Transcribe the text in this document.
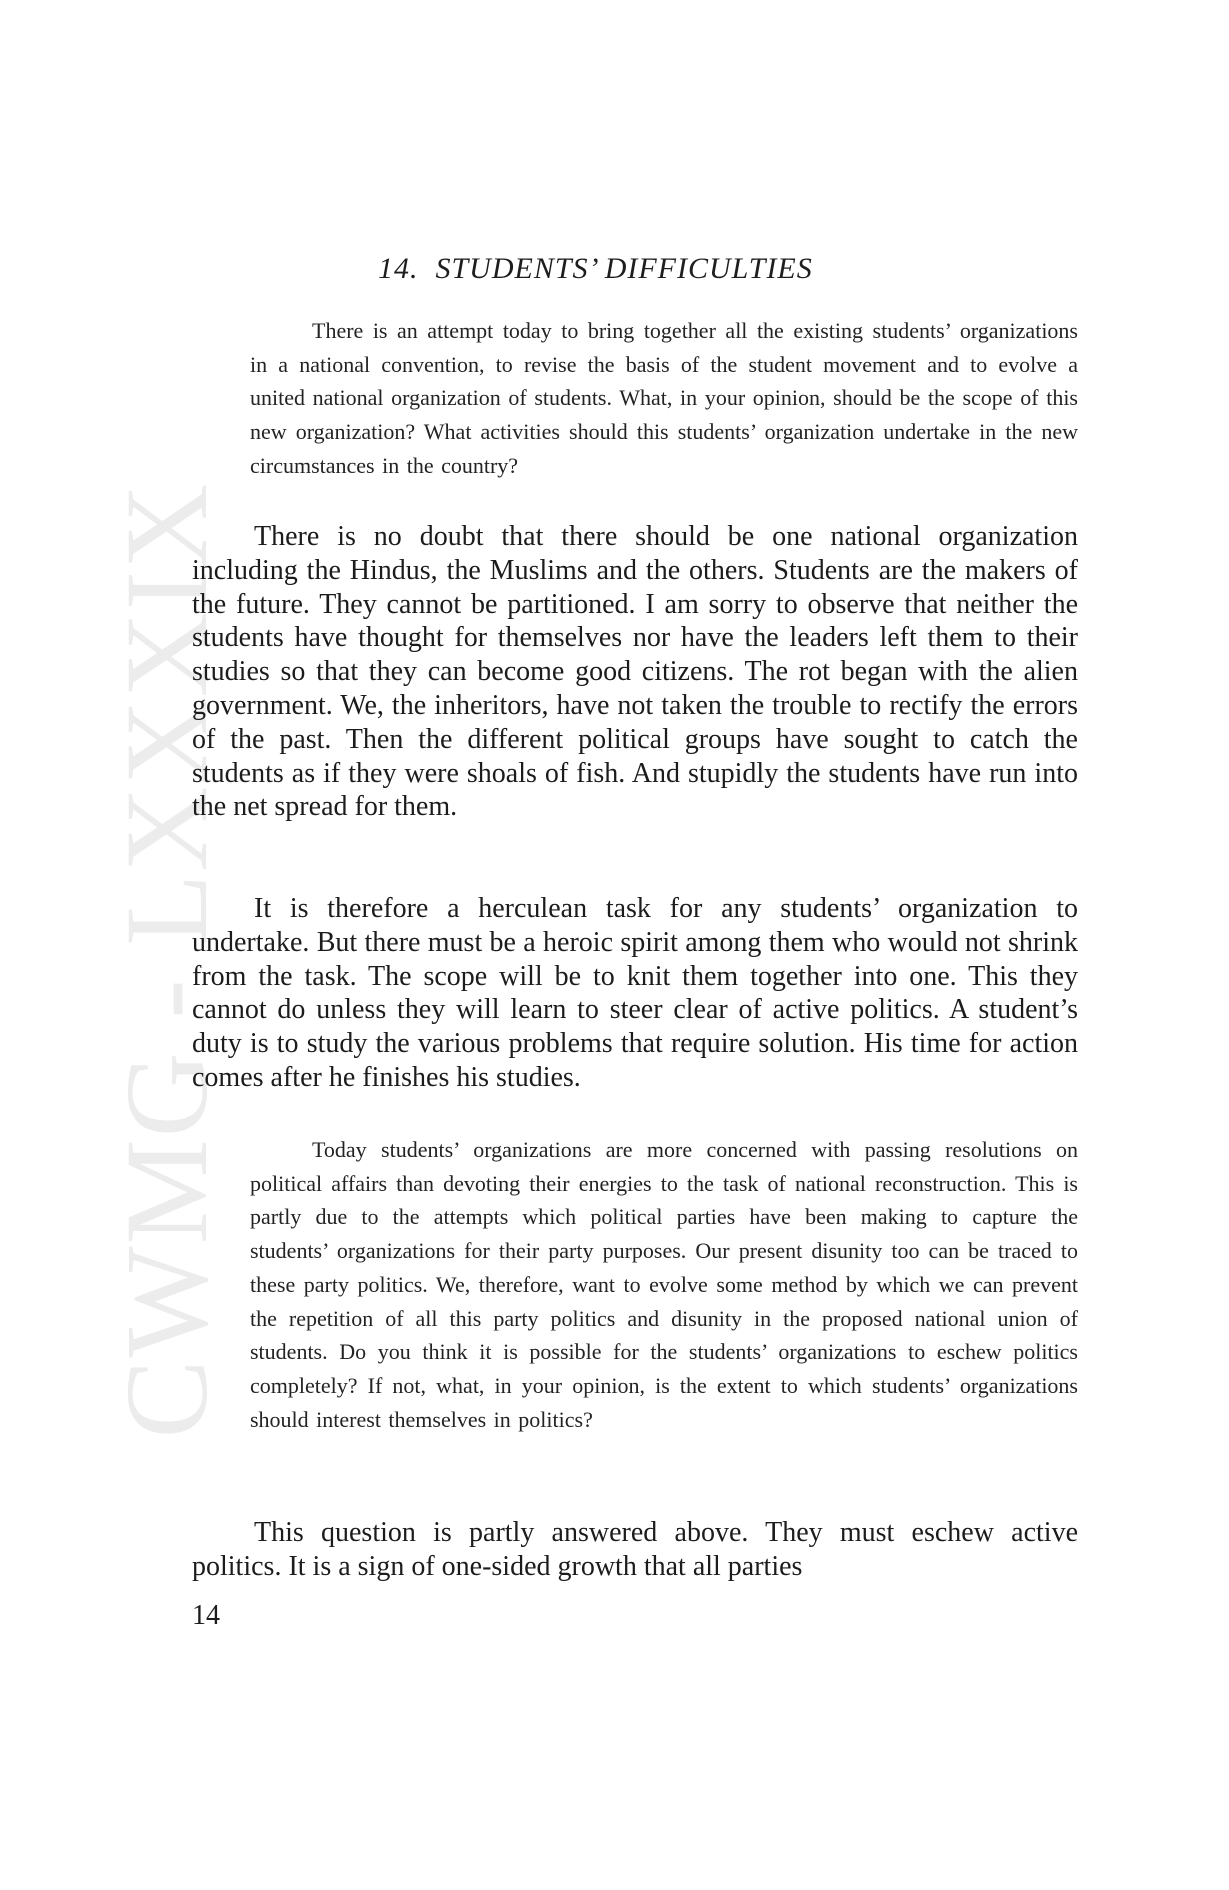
CWMG - LXXXIX
14. STUDENTS’ DIFFICULTIES

There is an attempt today to bring together all the existing students’ organizations in a national convention, to revise the basis of the student movement and to evolve a united national organization of students. What, in your opinion, should be the scope of this new organization? What activities should this students’ organization undertake in the new circumstances in the country?

There is no doubt that there should be one national organization including the Hindus, the Muslims and the others. Students are the makers of the future. They cannot be partitioned. I am sorry to observe that neither the students have thought for themselves nor have the leaders left them to their studies so that they can become good citizens. The rot began with the alien government. We, the inheritors, have not taken the trouble to rectify the errors of the past. Then the different political groups have sought to catch the students as if they were shoals of fish. And stupidly the students have run into the net spread for them.

It is therefore a herculean task for any students’ organization to undertake. But there must be a heroic spirit among them who would not shrink from the task. The scope will be to knit them together into one. This they cannot do unless they will learn to steer clear of active politics. A student’s duty is to study the various problems that require solution. His time for action comes after he finishes his studies.

Today students’ organizations are more concerned with passing resolutions on political affairs than devoting their energies to the task of national reconstruction. This is partly due to the attempts which political parties have been making to capture the students’ organizations for their party purposes. Our present disunity too can be traced to these party politics. We, therefore, want to evolve some method by which we can prevent the repetition of all this party politics and disunity in the proposed national union of students. Do you think it is possible for the students’ organizations to eschew politics completely? If not, what, in your opinion, is the extent to which students’ organizations should interest themselves in politics?

This question is partly answered above. They must eschew active politics. It is a sign of one-sided growth that all parties

14
